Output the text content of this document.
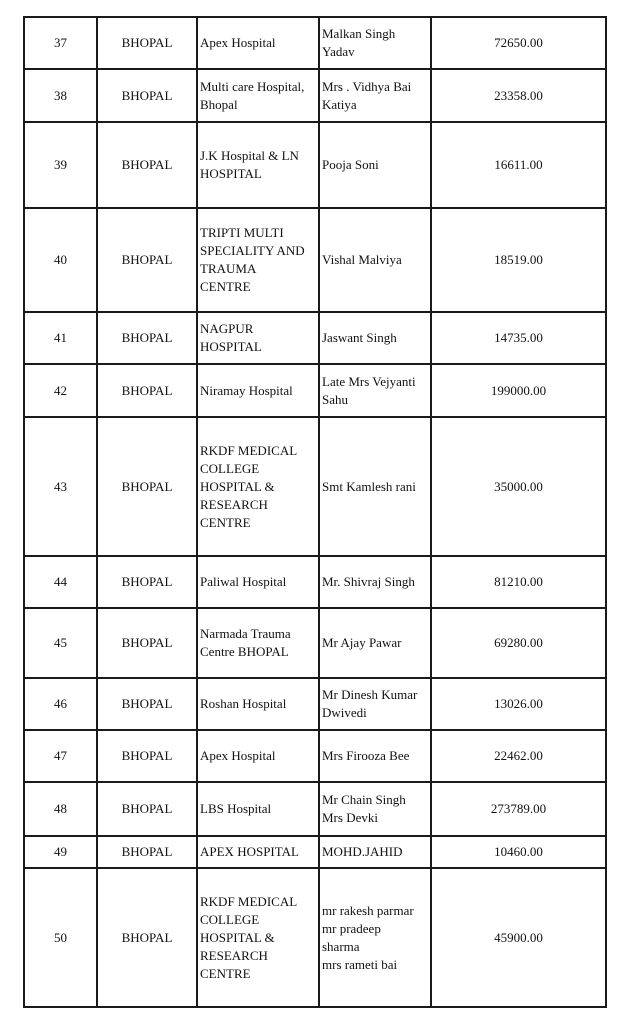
37	BHOPAL	Apex Hospital	Malkan Singh
Yadav	72650.00
38	BHOPAL	Multi care Hospital,
Bhopal	Mrs . Vidhya Bai
Katiya	23358.00
39	BHOPAL	J.K Hospital & LN
HOSPITAL	Pooja Soni	16611.00
40	BHOPAL	TRIPTI MULTI
SPECIALITY AND
TRAUMA
CENTRE	Vishal Malviya	18519.00
41	BHOPAL	NAGPUR
HOSPITAL	Jaswant Singh	14735.00
42	BHOPAL	Niramay Hospital	Late Mrs Vejyanti
Sahu	199000.00
43	BHOPAL	RKDF MEDICAL
COLLEGE
HOSPITAL &
RESEARCH
CENTRE	Smt Kamlesh rani	35000.00
44	BHOPAL	Paliwal Hospital	Mr. Shivraj Singh	81210.00
45	BHOPAL	Narmada Trauma
Centre BHOPAL	Mr Ajay Pawar	69280.00
46	BHOPAL	Roshan Hospital	Mr Dinesh Kumar
Dwivedi	13026.00
47	BHOPAL	Apex Hospital	Mrs Firooza Bee	22462.00
48	BHOPAL	LBS Hospital	Mr Chain Singh
Mrs Devki	273789.00
49	BHOPAL	APEX HOSPITAL	MOHD.JAHID	10460.00
50	BHOPAL	RKDF MEDICAL
COLLEGE
HOSPITAL &
RESEARCH
CENTRE	mr rakesh parmar
mr pradeep
sharma
mrs rameti bai	45900.00
